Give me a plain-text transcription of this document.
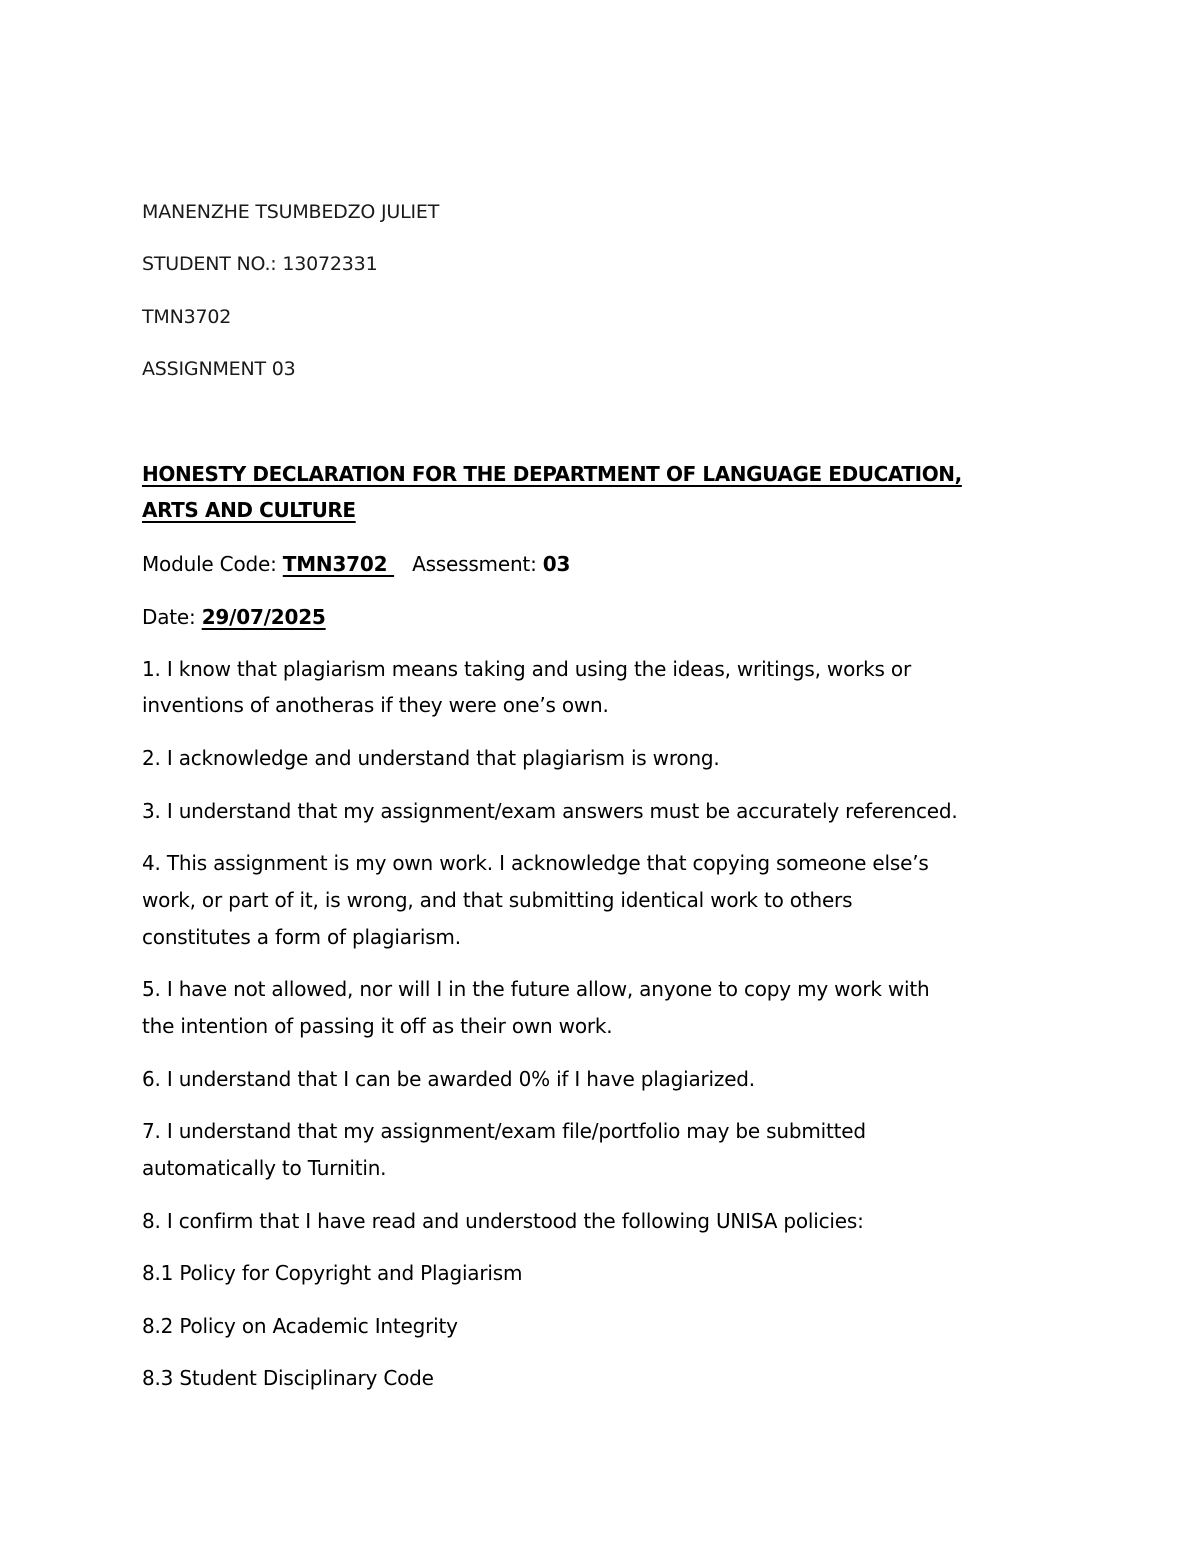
MANENZHE TSUMBEDZO JULIET
STUDENT NO.: 13072331
TMN3702
ASSIGNMENT 03
HONESTY DECLARATION FOR THE DEPARTMENT OF LANGUAGE EDUCATION,
ARTS AND CULTURE
Module Code: TMN3702 Assessment: 03
Date: 29/07/2025
1. I know that plagiarism means taking and using the ideas, writings, works or
inventions of anotheras if they were one’s own.
2. I acknowledge and understand that plagiarism is wrong.
3. I understand that my assignment/exam answers must be accurately referenced.
4. This assignment is my own work. I acknowledge that copying someone else’s
work, or part of it, is wrong, and that submitting identical work to others
constitutes a form of plagiarism.
5. I have not allowed, nor will I in the future allow, anyone to copy my work with
the intention of passing it off as their own work.
6. I understand that I can be awarded 0% if I have plagiarized.
7. I understand that my assignment/exam file/portfolio may be submitted
automatically to Turnitin.
8. I confirm that I have read and understood the following UNISA policies:
8.1 Policy for Copyright and Plagiarism
8.2 Policy on Academic Integrity
8.3 Student Disciplinary Code
